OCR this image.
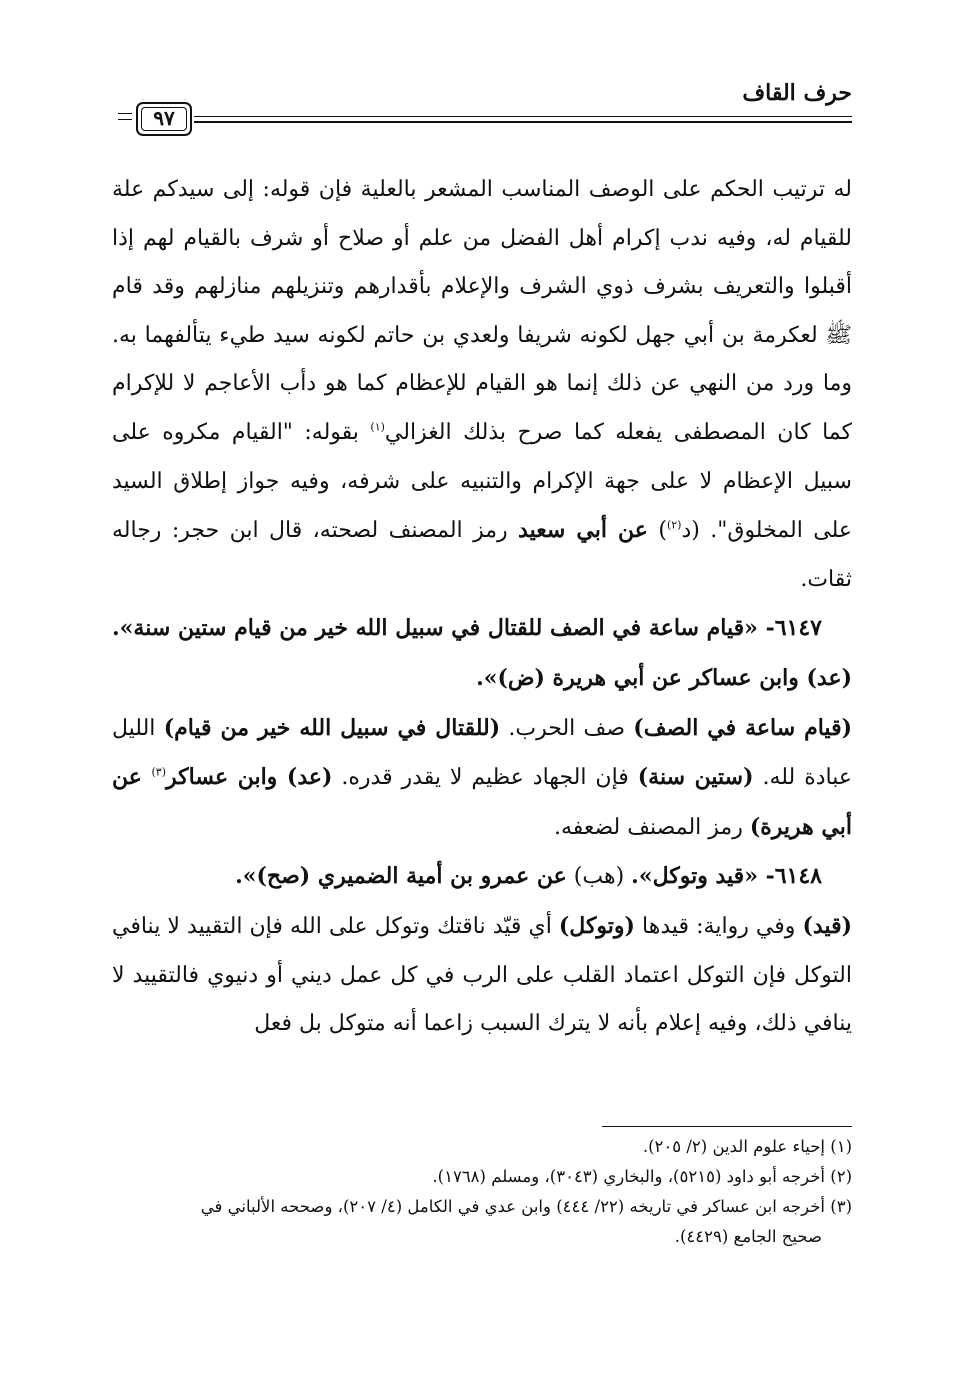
حرف القاف
٩٧

له ترتيب الحكم على الوصف المناسب المشعر بالعلية فإن قوله: إلى سيدكم علة للقيام له، وفيه ندب إكرام أهل الفضل من علم أو صلاح أو شرف بالقيام لهم إذا أقبلوا والتعريف بشرف ذوي الشرف والإعلام بأقدارهم وتنزيلهم منازلهم وقد قام ﷺ لعكرمة بن أبي جهل لكونه شريفا ولعدي بن حاتم لكونه سيد طيء يتألفهما به. وما ورد من النهي عن ذلك إنما هو القيام للإعظام كما هو دأب الأعاجم لا للإكرام كما كان المصطفى يفعله كما صرح بذلك الغزالي$^{(١)}$ بقوله: "القيام مكروه على سبيل الإعظام لا على جهة الإكرام والتنبيه على شرفه، وفيه جواز إطلاق السيد على المخلوق". (د$^{(٢)}$) عن أبي سعيد رمز المصنف لصحته، قال ابن حجر: رجاله ثقات.

٦١٤٧- «قيام ساعة في الصف للقتال في سبيل الله خير من قيام ستين سنة». (عد) وابن عساكر عن أبي هريرة (ض)».

(قيام ساعة في الصف) صف الحرب. (للقتال في سبيل الله خير من قيام) الليل عبادة لله. (ستين سنة) فإن الجهاد عظيم لا يقدر قدره. (عد) وابن عساكر$^{(٣)}$ عن أبي هريرة) رمز المصنف لضعفه.

٦١٤٨- «قيد وتوكل». (هب) عن عمرو بن أمية الضميري (صح)».

(قيد) وفي رواية: قيدها (وتوكل) أي قيّد ناقتك وتوكل على الله فإن التقييد لا ينافي التوكل فإن التوكل اعتماد القلب على الرب في كل عمل ديني أو دنيوي فالتقييد لا ينافي ذلك، وفيه إعلام بأنه لا يترك السبب زاعما أنه متوكل بل فعل

(١) إحياء علوم الدين (٢/ ٢٠٥).

(٢) أخرجه أبو داود (٥٢١٥)، والبخاري (٣٠٤٣)، ومسلم (١٧٦٨).

(٣) أخرجه ابن عساكر في تاريخه (٢٢/ ٤٤٤) وابن عدي في الكامل (٤/ ٢٠٧)، وصححه الألباني في

صحيح الجامع (٤٤٢٩).
